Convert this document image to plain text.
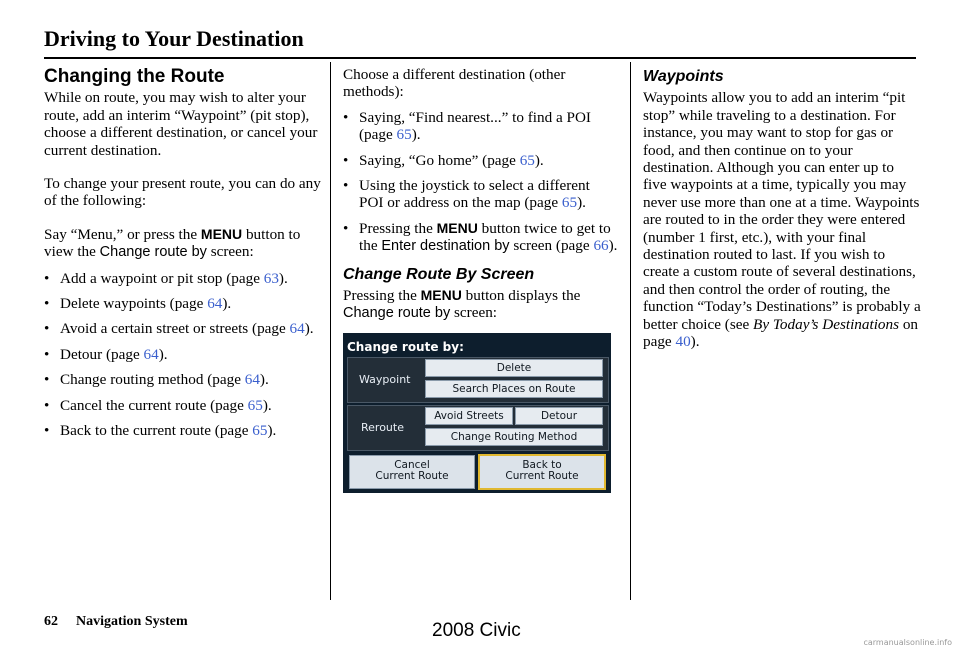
Driving to Your Destination
Changing the Route

While on route, you may wish to alter your route, add an interim “Waypoint” (pit stop), choose a different destination, or cancel your current destination.

To change your present route, you can do any of the following:

Say “Menu,” or press the MENU button to view the Change route by screen:

• Add a waypoint or pit stop (page 63).
• Delete waypoints (page 64).
• Avoid a certain street or streets (page 64).
• Detour (page 64).
• Change routing method (page 64).
• Cancel the current route (page 65).
• Back to the current route (page 65).

Choose a different destination (other methods):

• Saying, “Find nearest...” to find a POI (page 65).
• Saying, “Go home” (page 65).
• Using the joystick to select a different POI or address on the map (page 65).
• Pressing the MENU button twice to get to the Enter destination by screen (page 66).
Change Route By Screen

Pressing the MENU button displays the Change route by screen:

Change route by:
Waypoint
Delete
Search Places on Route
Reroute
Avoid Streets	Detour
Change Routing Method
Cancel
Current Route
Back to
Current Route
Waypoints

Waypoints allow you to add an interim “pit stop” while traveling to a destination. For instance, you may want to stop for gas or food, and then continue on to your destination. Although you can enter up to five waypoints at a time, typically you may never use more than one at a time. Waypoints are routed to in the order they were entered (number 1 first, etc.), with your final destination routed to last. If you wish to create a custom route of several destinations, and then control the order of routing, the function “Today’s Destinations” is probably a better choice (see By Today’s Destinations on page 40).

62 Navigation System	2008 Civic
carmanualsonline.info
